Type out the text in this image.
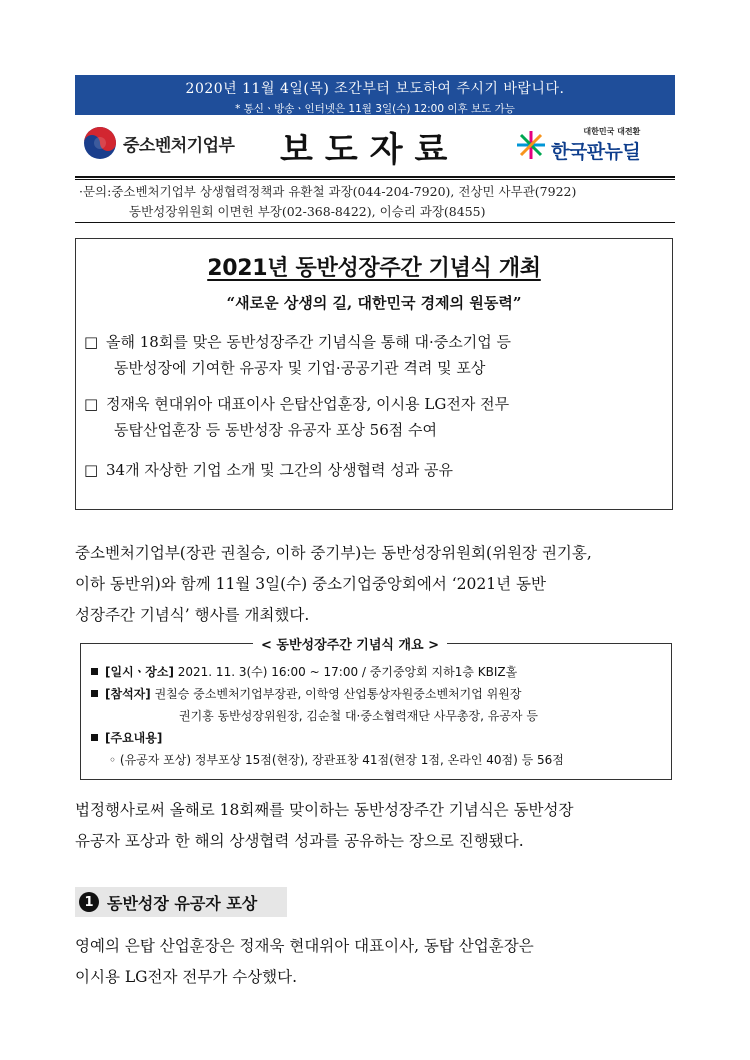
2020년 11월 4일(목) 조간부터 보도하여 주시기 바랍니다.
* 통신ㆍ방송ㆍ인터넷은 11월 3일(수) 12:00 이후 보도 가능
중소벤처기업부 보도자료	대한민국 대전환
한국판뉴딜
·문의:중소벤처기업부 상생협력정책과 유환철 과장(044-204-7920), 전상민 사무관(7922)
동반성장위원회 이면헌 부장(02-368-8422), 이승리 과장(8455)
2021년 동반성장주간 기념식 개최
“새로운 상생의 길, 대한민국 경제의 원동력”
□ 올해 18회를 맞은 동반성장주간 기념식을 통해 대·중소기업 등
동반성장에 기여한 유공자 및 기업·공공기관 격려 및 포상
□ 정재욱 현대위아 대표이사 은탑산업훈장, 이시용 LG전자 전무
동탑산업훈장 등 동반성장 유공자 포상 56점 수여
□ 34개 자상한 기업 소개 및 그간의 상생협력 성과 공유
중소벤처기업부(장관 권칠승, 이하 중기부)는 동반성장위원회(위원장 권기홍,
이하 동반위)와 함께 11월 3일(수) 중소기업중앙회에서 ‘2021년 동반
성장주간 기념식’ 행사를 개최했다.
< 동반성장주간 기념식 개요 >
[일시ㆍ장소] 2021. 11. 3(수) 16:00 ~ 17:00 / 중기중앙회 지하1층 KBIZ홀
[참석자] 권칠승 중소벤처기업부장관, 이학영 산업통상자원중소벤처기업 위원장
권기홍 동반성장위원장, 김순철 대·중소협력재단 사무총장, 유공자 등
[주요내용]
◦ (유공자 포상) 정부포상 15점(현장), 장관표창 41점(현장 1점, 온라인 40점) 등 56점
법정행사로써 올해로 18회째를 맞이하는 동반성장주간 기념식은 동반성장
유공자 포상과 한 해의 상생협력 성과를 공유하는 장으로 진행됐다.
1 동반성장 유공자 포상
영예의 은탑 산업훈장은 정재욱 현대위아 대표이사, 동탑 산업훈장은
이시용 LG전자 전무가 수상했다.
